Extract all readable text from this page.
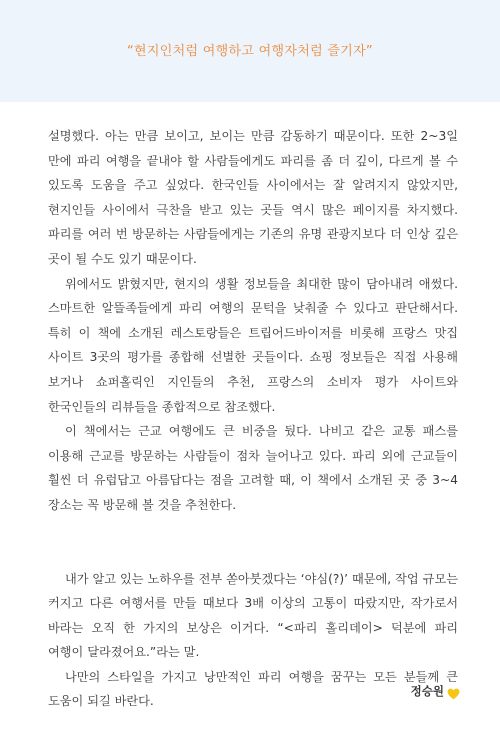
“현지인처럼 여행하고 여행자처럼 즐기자”

설명했다. 아는 만큼 보이고, 보이는 만큼 감동하기 때문이다. 또한 2~3일 만에 파리 여행을 끝내야 할 사람들에게도 파리를 좀 더 깊이, 다르게 볼 수 있도록 도움을 주고 싶었다. 한국인들 사이에서는 잘 알려지지 않았지만, 현지인들 사이에서 극찬을 받고 있는 곳들 역시 많은 페이지를 차지했다. 파리를 여러 번 방문하는 사람들에게는 기존의 유명 관광지보다 더 인상 깊은 곳이 될 수도 있기 때문이다.

위에서도 밝혔지만, 현지의 생활 정보들을 최대한 많이 담아내려 애썼다. 스마트한 알뜰족들에게 파리 여행의 문턱을 낮춰줄 수 있다고 판단해서다. 특히 이 책에 소개된 레스토랑들은 트립어드바이저를 비롯해 프랑스 맛집 사이트 3곳의 평가를 종합해 선별한 곳들이다. 쇼핑 정보들은 직접 사용해 보거나 쇼퍼홀릭인 지인들의 추천, 프랑스의 소비자 평가 사이트와 한국인들의 리뷰들을 종합적으로 참조했다.

이 책에서는 근교 여행에도 큰 비중을 뒀다. 나비고 같은 교통 패스를 이용해 근교를 방문하는 사람들이 점차 늘어나고 있다. 파리 외에 근교들이 훨씬 더 유럽답고 아름답다는 점을 고려할 때, 이 책에서 소개된 곳 중 3~4 장소는 꼭 방문해 볼 것을 추천한다.

내가 알고 있는 노하우를 전부 쏟아붓겠다는 ‘야심(?)’ 때문에, 작업 규모는 커지고 다른 여행서를 만들 때보다 3배 이상의 고통이 따랐지만, 작가로서 바라는 오직 한 가지의 보상은 이거다. “<파리 홀리데이> 덕분에 파리 여행이 달라졌어요.”라는 말.

나만의 스타일을 가지고 낭만적인 파리 여행을 꿈꾸는 모든 분들께 큰 도움이 되길 바란다.

정승원
